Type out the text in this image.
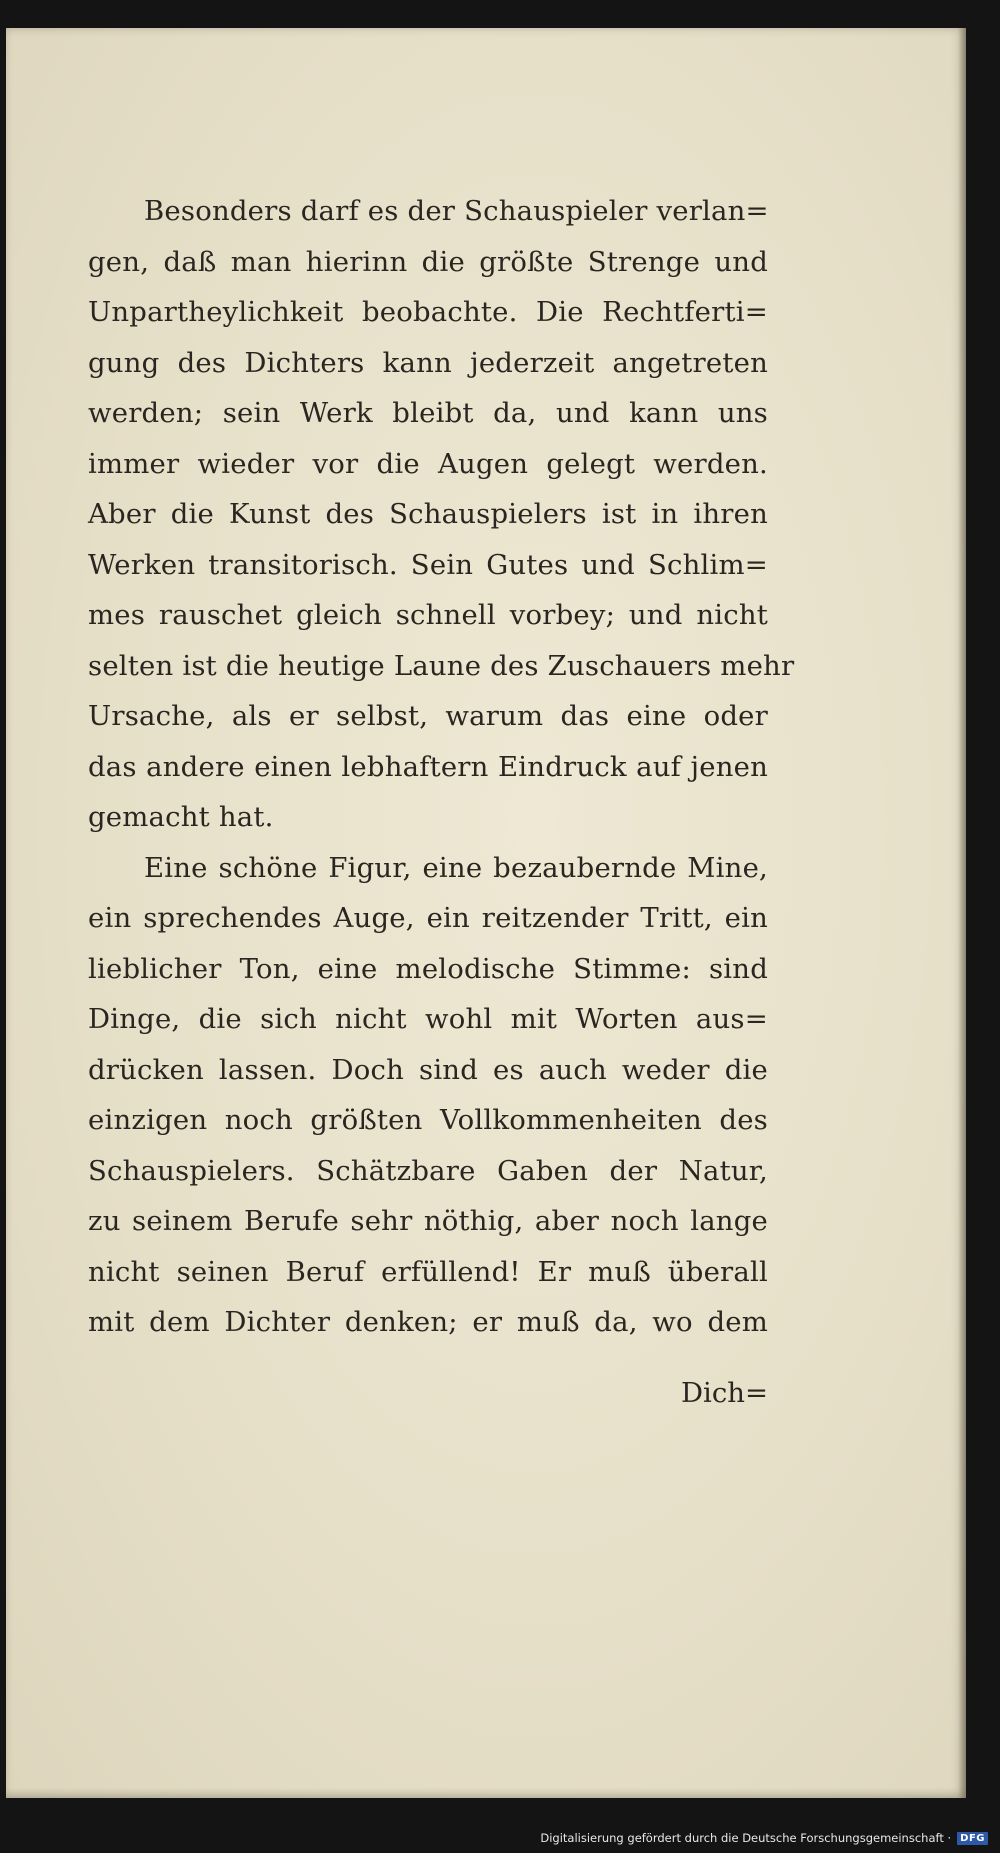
Besonders darf es der Schauspieler verlan=
gen, daß man hierinn die größte Strenge und
Unpartheylichkeit beobachte. Die Rechtferti=
gung des Dichters kann jederzeit angetreten
werden; sein Werk bleibt da, und kann uns
immer wieder vor die Augen gelegt werden.
Aber die Kunst des Schauspielers ist in ihren
Werken transitorisch. Sein Gutes und Schlim=
mes rauschet gleich schnell vorbey; und nicht
selten ist die heutige Laune des Zuschauers mehr
Ursache, als er selbst, warum das eine oder
das andere einen lebhaftern Eindruck auf jenen
gemacht hat.
Eine schöne Figur, eine bezaubernde Mine,
ein sprechendes Auge, ein reitzender Tritt, ein
lieblicher Ton, eine melodische Stimme: sind
Dinge, die sich nicht wohl mit Worten aus=
drücken lassen. Doch sind es auch weder die
einzigen noch größten Vollkommenheiten des
Schauspielers. Schätzbare Gaben der Natur,
zu seinem Berufe sehr nöthig, aber noch lange
nicht seinen Beruf erfüllend! Er muß überall
mit dem Dichter denken; er muß da, wo dem
Dich=
Digitalisierung gefördert durch die Deutsche Forschungsgemeinschaft · DFG
